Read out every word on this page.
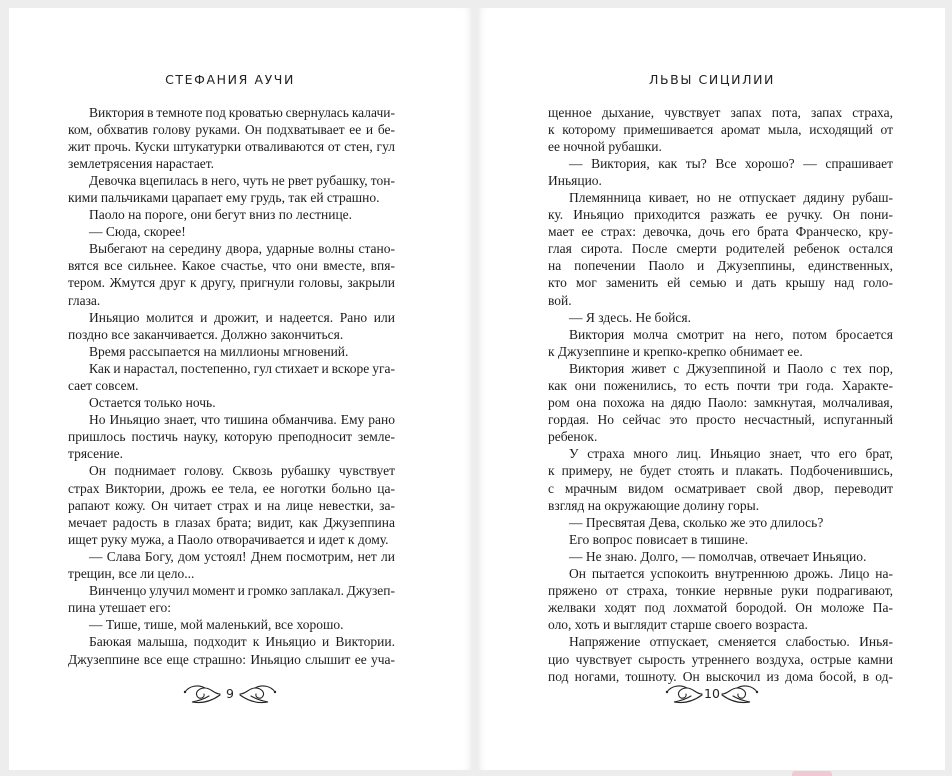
СТЕФАНИЯ АУЧИ
Виктория в темноте под кроватью свернулась калачи-
ком, обхватив голову руками. Он подхватывает ее и бе-
жит прочь. Куски штукатурки отваливаются от стен, гул
землетрясения нарастает.
Девочка вцепилась в него, чуть не рвет рубашку, тон-
кими пальчиками царапает ему грудь, так ей страшно.
Паоло на пороге, они бегут вниз по лестнице.
— Сюда, скорее!
Выбегают на середину двора, ударные волны стано-
вятся все сильнее. Какое счастье, что они вместе, впя-
тером. Жмутся друг к другу, пригнули головы, закрыли
глаза.
Иньяцио молится и дрожит, и надеется. Рано или
поздно все заканчивается. Должно закончиться.
Время рассыпается на миллионы мгновений.
Как и нарастал, постепенно, гул стихает и вскоре уга-
сает совсем.
Остается только ночь.
Но Иньяцио знает, что тишина обманчива. Ему рано
пришлось постичь науку, которую преподносит земле-
трясение.
Он поднимает голову. Сквозь рубашку чувствует
страх Виктории, дрожь ее тела, ее ноготки больно ца-
рапают кожу. Он читает страх и на лице невестки, за-
мечает радость в глазах брата; видит, как Джузеппина
ищет руку мужа, а Паоло отворачивается и идет к дому.
— Слава Богу, дом устоял! Днем посмотрим, нет ли
трещин, все ли цело...
Винченцо улучил момент и громко заплакал. Джузеп-
пина утешает его:
— Тише, тише, мой маленький, все хорошо.
Баюкая малыша, подходит к Иньяцио и Виктории.
Джузеппине все еще страшно: Иньяцио слышит ее уча-
9
ЛЬВЫ СИЦИЛИИ
щенное дыхание, чувствует запах пота, запах страха,
к которому примешивается аромат мыла, исходящий от
ее ночной рубашки.
— Виктория, как ты? Все хорошо? — спрашивает
Иньяцио.
Племянница кивает, но не отпускает дядину рубаш-
ку. Иньяцио приходится разжать ее ручку. Он пони-
мает ее страх: девочка, дочь его брата Франческо, кру-
глая сирота. После смерти родителей ребенок остался
на попечении Паоло и Джузеппины, единственных,
кто мог заменить ей семью и дать крышу над голо-
вой.
— Я здесь. Не бойся.
Виктория молча смотрит на него, потом бросается
к Джузеппине и крепко-крепко обнимает ее.
Виктория живет с Джузеппиной и Паоло с тех пор,
как они поженились, то есть почти три года. Характе-
ром она похожа на дядю Паоло: замкнутая, молчаливая,
гордая. Но сейчас это просто несчастный, испуганный
ребенок.
У страха много лиц. Иньяцио знает, что его брат,
к примеру, не будет стоять и плакать. Подбоченившись,
с мрачным видом осматривает свой двор, переводит
взгляд на окружающие долину горы.
— Пресвятая Дева, сколько же это длилось?
Его вопрос повисает в тишине.
— Не знаю. Долго, — помолчав, отвечает Иньяцио.
Он пытается успокоить внутреннюю дрожь. Лицо на-
пряжено от страха, тонкие нервные руки подрагивают,
желваки ходят под лохматой бородой. Он моложе Па-
оло, хоть и выглядит старше своего возраста.
Напряжение отпускает, сменяется слабостью. Инья-
цио чувствует сырость утреннего воздуха, острые камни
под ногами, тошноту. Он выскочил из дома босой, в од-
10
